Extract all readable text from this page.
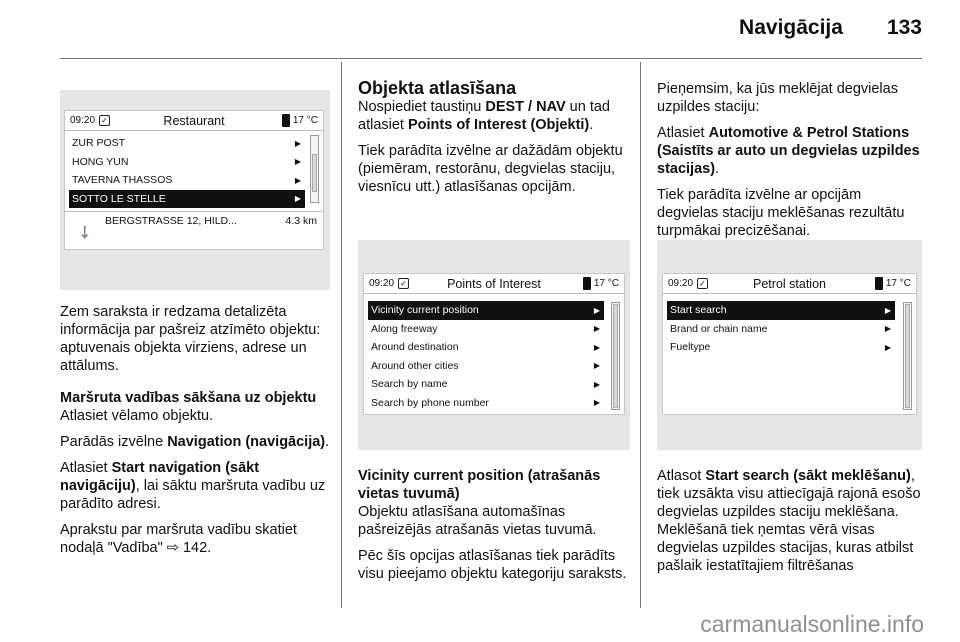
Navigācija 133
09:20 ✓	Restaurant	17 °C
ZUR POST	▶
HONG YUN	▶
TAVERNA THASSOS	▶
SOTTO LE STELLE	▶
➘ BERGSTRASSE 12, HILD...	4.3 km

Zem saraksta ir redzama detalizēta informācija par pašreiz atzīmēto objektu: aptuvenais objekta virziens, adrese un attālums.

Maršruta vadības sākšana uz objektu

Atlasiet vēlamo objektu.

Parādās izvēlne Navigation (navigācija).

Atlasiet Start navigation (sākt navigāciju), lai sāktu maršruta vadību uz parādīto adresi.

Aprakstu par maršruta vadību skatiet nodaļā "Vadība" ⇨ 142.

Objekta atlasīšana

Nospiediet taustiņu DEST / NAV un tad atlasiet Points of Interest (Objekti).

Tiek parādīta izvēlne ar dažādām objektu (piemēram, restorānu, degvielas staciju, viesnīcu utt.) atlasīšanas opcijām.

09:20 ✓	Points of Interest	17 °C
Vicinity current position	▶
Along freeway	▶
Around destination	▶
Around other cities	▶
Search by name	▶
Search by phone number	▶

Vicinity current position (atrašanās vietas tuvumā)

Objektu atlasīšana automašīnas pašreizējās atrašanās vietas tuvumā.

Pēc šīs opcijas atlasīšanas tiek parādīts visu pieejamo objektu kategoriju saraksts.

Pieņemsim, ka jūs meklējat degvielas uzpildes staciju:

Atlasiet Automotive & Petrol Stations (Saistīts ar auto un degvielas uzpildes stacijas).

Tiek parādīta izvēlne ar opcijām degvielas staciju meklēšanas rezultātu turpmākai precizēšanai.

09:20 ✓	Petrol station	17 °C
Start search	▶
Brand or chain name	▶
Fueltype	▶

Atlasot Start search (sākt meklēšanu), tiek uzsākta visu attiecīgajā rajonā esošo degvielas uzpildes staciju meklēšana. Meklēšanā tiek ņemtas vērā visas degvielas uzpildes stacijas, kuras atbilst pašlaik iestatītajiem filtrēšanas

carmanualsonline.info
